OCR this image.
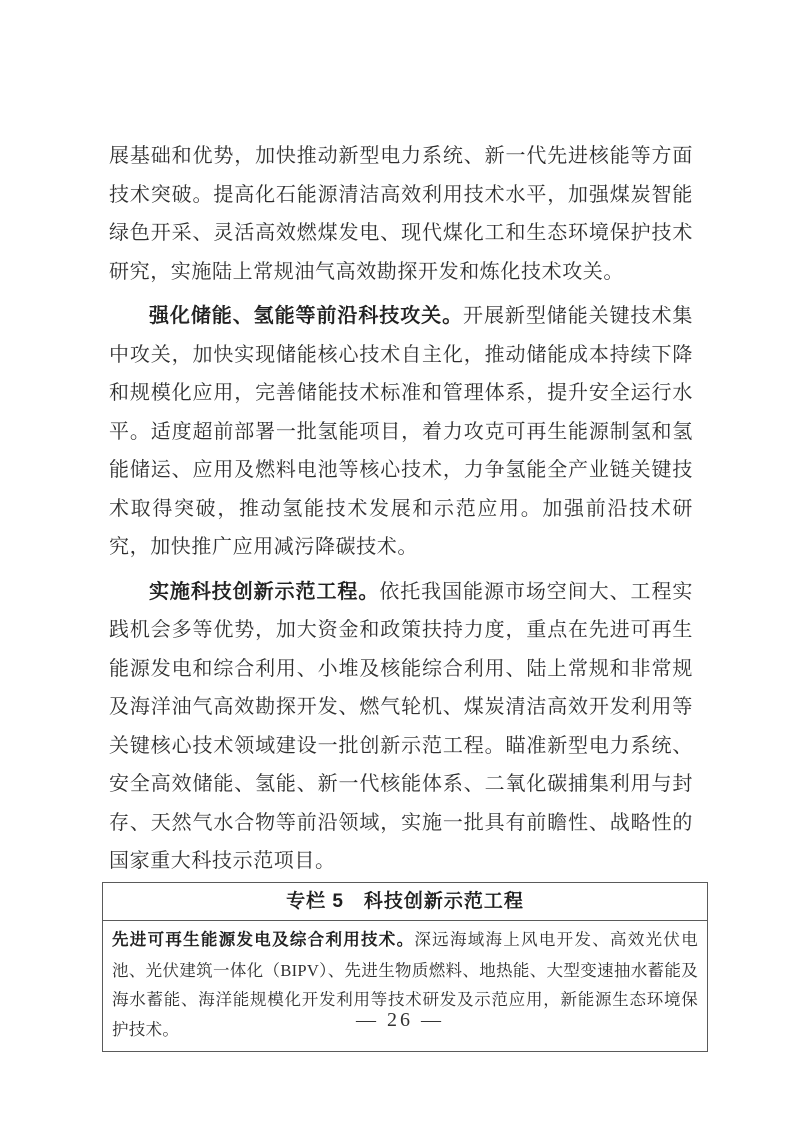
展基础和优势，加快推动新型电力系统、新一代先进核能等方面技术突破。提高化石能源清洁高效利用技术水平，加强煤炭智能绿色开采、灵活高效燃煤发电、现代煤化工和生态环境保护技术研究，实施陆上常规油气高效勘探开发和炼化技术攻关。

强化储能、氢能等前沿科技攻关。开展新型储能关键技术集中攻关，加快实现储能核心技术自主化，推动储能成本持续下降和规模化应用，完善储能技术标准和管理体系，提升安全运行水平。适度超前部署一批氢能项目，着力攻克可再生能源制氢和氢能储运、应用及燃料电池等核心技术，力争氢能全产业链关键技术取得突破，推动氢能技术发展和示范应用。加强前沿技术研究，加快推广应用减污降碳技术。

实施科技创新示范工程。依托我国能源市场空间大、工程实践机会多等优势，加大资金和政策扶持力度，重点在先进可再生能源发电和综合利用、小堆及核能综合利用、陆上常规和非常规及海洋油气高效勘探开发、燃气轮机、煤炭清洁高效开发利用等关键核心技术领域建设一批创新示范工程。瞄准新型电力系统、安全高效储能、氢能、新一代核能体系、二氧化碳捕集利用与封存、天然气水合物等前沿领域，实施一批具有前瞻性、战略性的国家重大科技示范项目。

专栏 5　科技创新示范工程
先进可再生能源发电及综合利用技术。深远海域海上风电开发、高效光伏电池、光伏建筑一体化（BIPV）、先进生物质燃料、地热能、大型变速抽水蓄能及海水蓄能、海洋能规模化开发利用等技术研发及示范应用，新能源生态环境保护技术。	— 26 —
